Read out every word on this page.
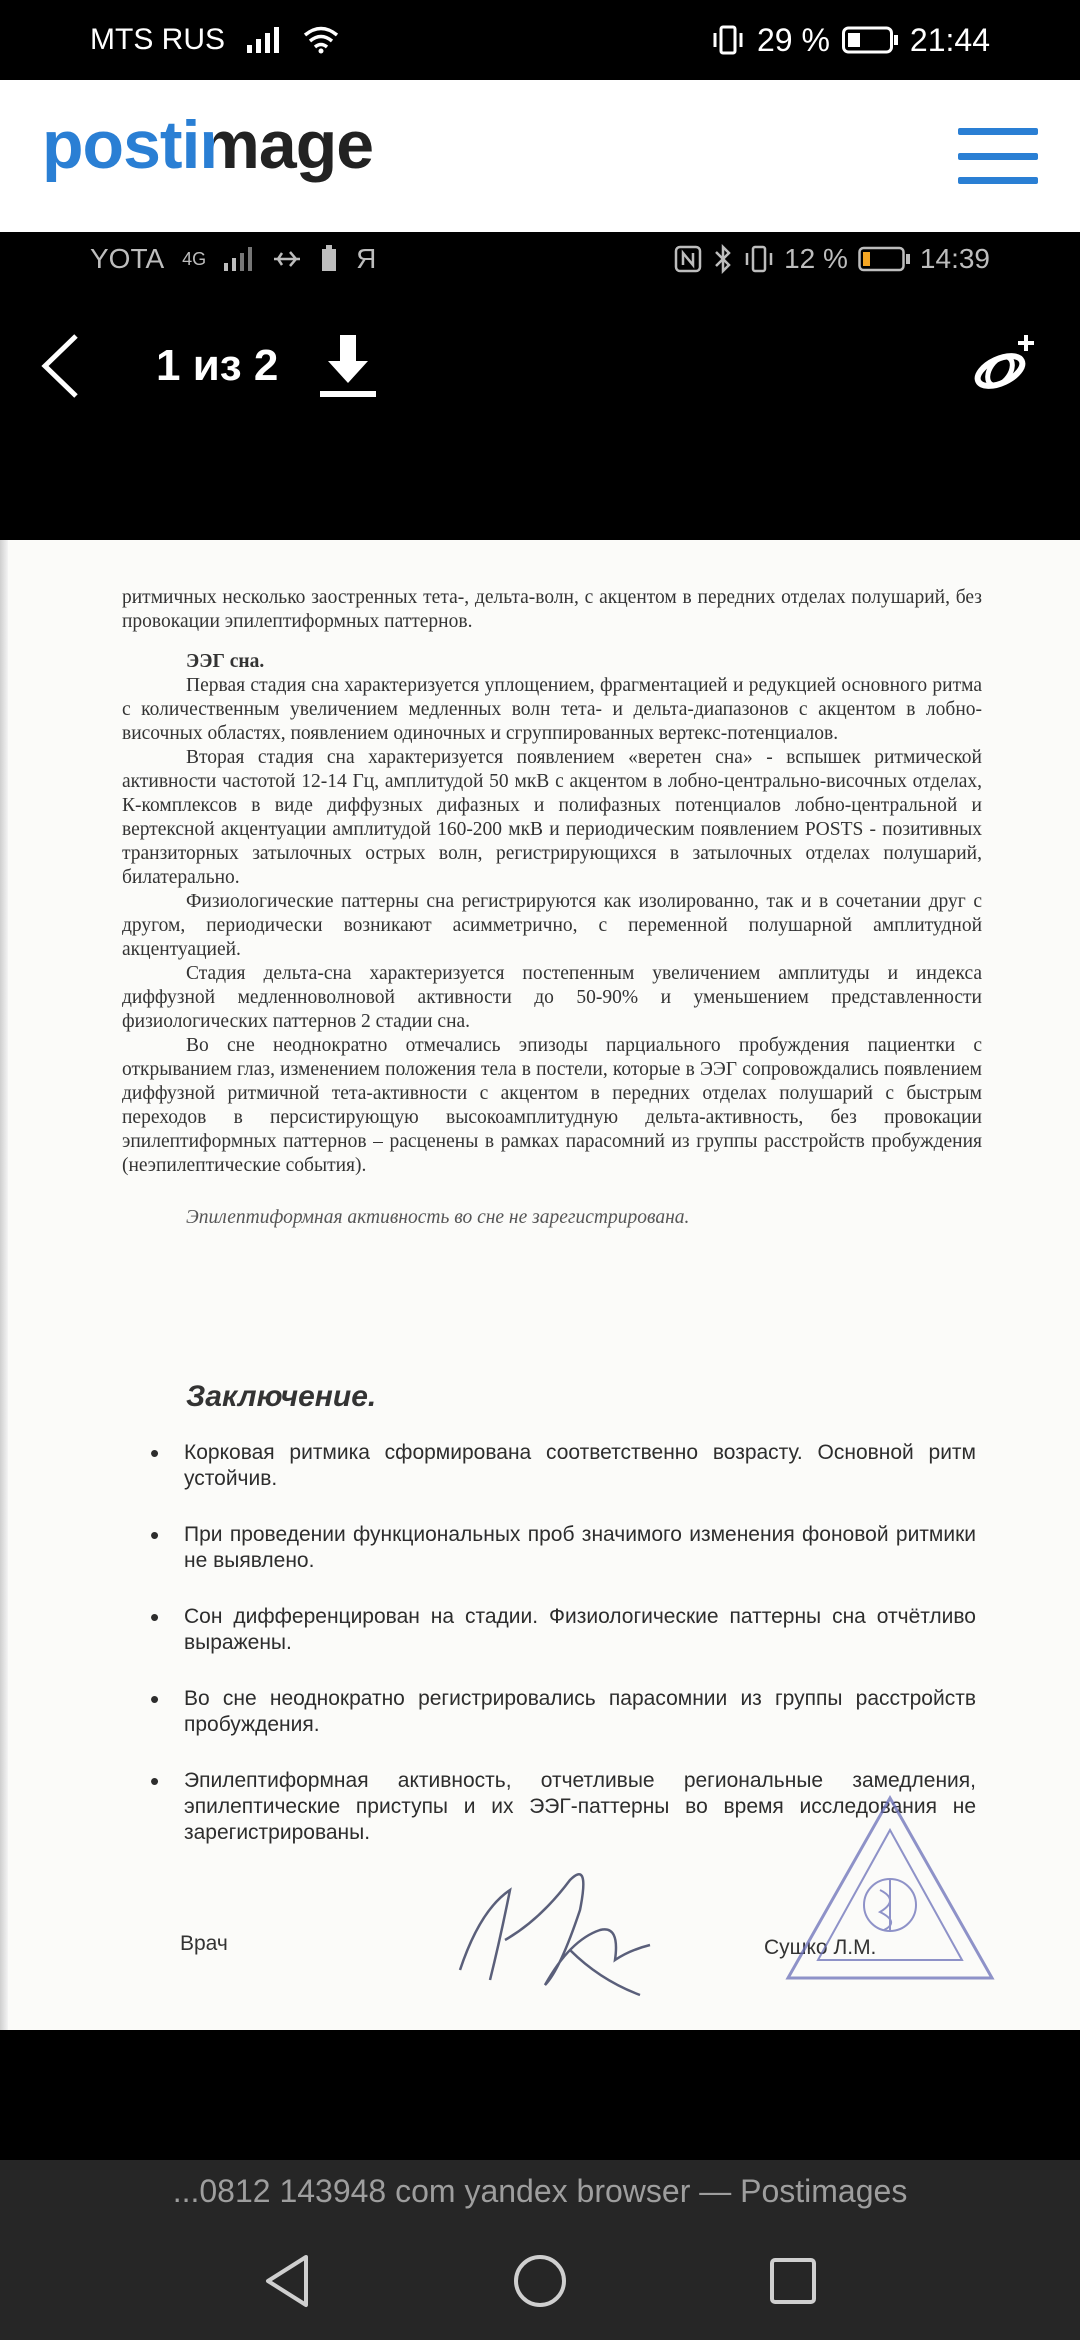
MTS RUS	29 %	21:44
postimage
YOTA 4G	Я	12 %	14:39
1 из 2

ритмичных несколько заостренных тета-, дельта-волн, с акцентом в передних отделах полушарий, без провокации эпилептиформных паттернов.

ЭЭГ сна.

Первая стадия сна характеризуется уплощением, фрагментацией и редукцией основного ритма с количественным увеличением медленных волн тета- и дельта-диапазонов с акцентом в лобно-височных областях, появлением одиночных и сгруппированных вертекс-потенциалов.

Вторая стадия сна характеризуется появлением «веретен сна» - вспышек ритмической активности частотой 12-14 Гц, амплитудой 50 мкВ с акцентом в лобно-центрально-височных отделах, К-комплексов в виде диффузных дифазных и полифазных потенциалов лобно-центральной и вертексной акцентуации амплитудой 160-200 мкВ и периодическим появлением POSTS - позитивных транзиторных затылочных острых волн, регистрирующихся в затылочных отделах полушарий, билатерально.

Физиологические паттерны сна регистрируются как изолированно, так и в сочетании друг с другом, периодически возникают асимметрично, с переменной полушарной амплитудной акцентуацией.

Стадия дельта-сна характеризуется постепенным увеличением амплитуды и индекса диффузной медленноволновой активности до 50-90% и уменьшением представленности физиологических паттернов 2 стадии сна.

Во сне неоднократно отмечались эпизоды парциального пробуждения пациентки с открыванием глаз, изменением положения тела в постели, которые в ЭЭГ сопровождались появлением диффузной ритмичной тета-активности с акцентом в передних отделах полушарий с быстрым переходов в персистирующую высокоамплитудную дельта-активность, без провокации эпилептиформных паттернов – расценены в рамках парасомний из группы расстройств пробуждения (неэпилептические события).

Эпилептиформная активность во сне не зарегистрирована.

Заключение.
• Корковая ритмика сформирована соответственно возрасту. Основной ритм устойчив.
• При проведении функциональных проб значимого изменения фоновой ритмики не выявлено.
• Сон дифференцирован на стадии. Физиологические паттерны сна отчётливо выражены.
• Во сне неоднократно регистрировались парасомнии из группы расстройств пробуждения.
• Эпилептиформная активность, отчетливые региональные замедления, эпилептические приступы и их ЭЭГ-паттерны во время исследования не зарегистрированы.
Врач	Сушко Л.М.
...0812 143948 com yandex browser — Postimages
